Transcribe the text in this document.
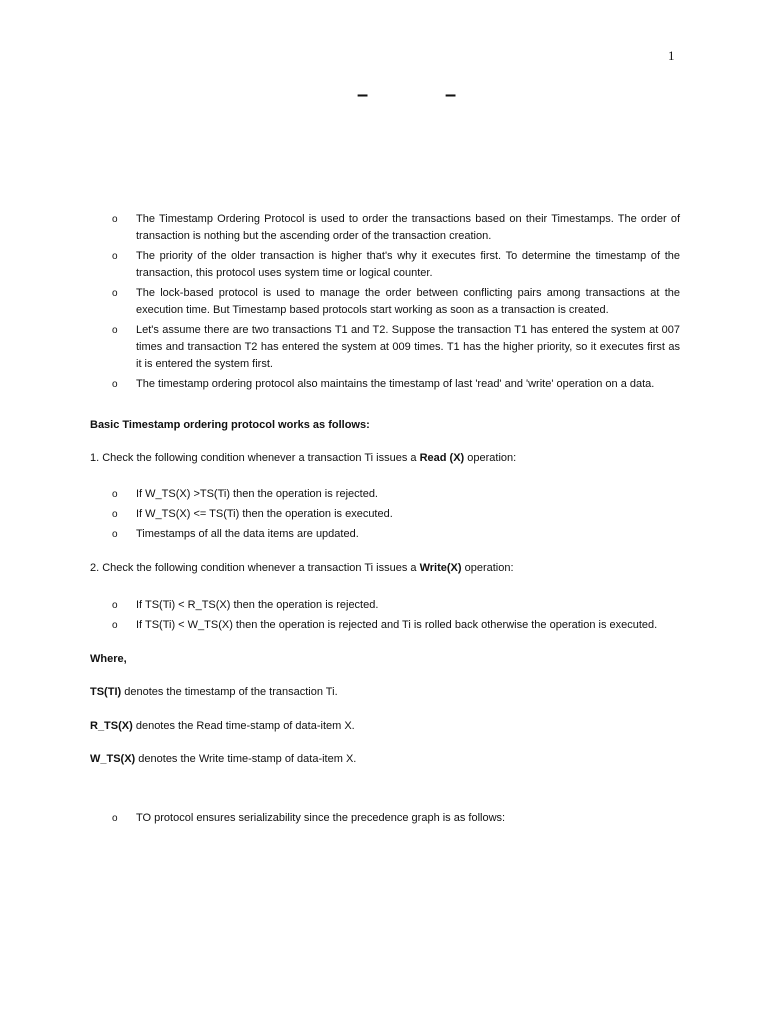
1
–	–
o The Timestamp Ordering Protocol is used to order the transactions based on their Timestamps. The order of transaction is nothing but the ascending order of the transaction creation.
o The priority of the older transaction is higher that's why it executes first. To determine the timestamp of the transaction, this protocol uses system time or logical counter.
o The lock-based protocol is used to manage the order between conflicting pairs among transactions at the execution time. But Timestamp based protocols start working as soon as a transaction is created.
o Let's assume there are two transactions T1 and T2. Suppose the transaction T1 has entered the system at 007 times and transaction T2 has entered the system at 009 times. T1 has the higher priority, so it executes first as it is entered the system first.
o The timestamp ordering protocol also maintains the timestamp of last 'read' and 'write' operation on a data.
Basic Timestamp ordering protocol works as follows:
1. Check the following condition whenever a transaction Ti issues a Read (X) operation:
o If W_TS(X) >TS(Ti) then the operation is rejected.
o If W_TS(X) <= TS(Ti) then the operation is executed.
o Timestamps of all the data items are updated.
2. Check the following condition whenever a transaction Ti issues a Write(X) operation:
o If TS(Ti) < R_TS(X) then the operation is rejected.
o If TS(Ti) < W_TS(X) then the operation is rejected and Ti is rolled back otherwise the operation is executed.
Where,
TS(TI) denotes the timestamp of the transaction Ti.
R_TS(X) denotes the Read time-stamp of data-item X.
W_TS(X) denotes the Write time-stamp of data-item X.
o TO protocol ensures serializability since the precedence graph is as follows:
